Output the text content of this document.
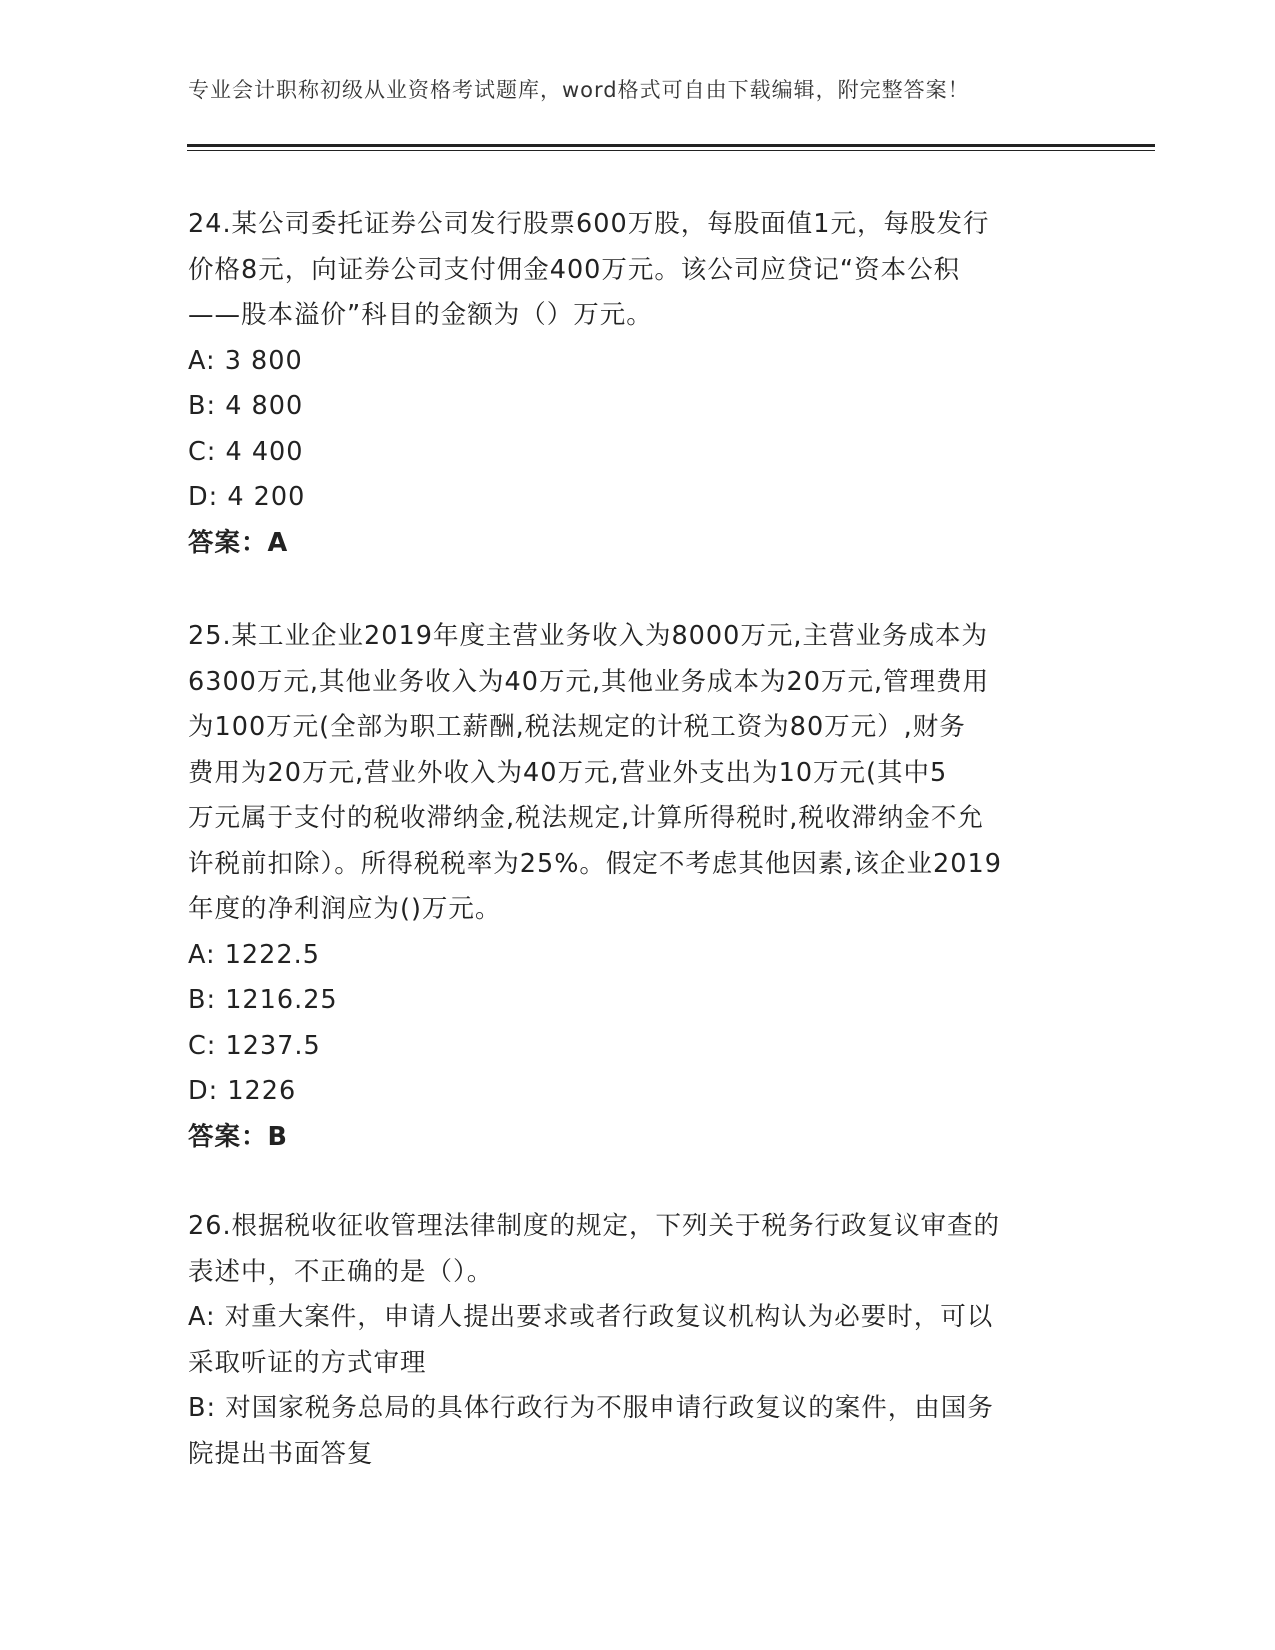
专业会计职称初级从业资格考试题库，word格式可自由下载编辑，附完整答案！
24.某公司委托证券公司发行股票600万股，每股面值1元，每股发行
价格8元，向证券公司支付佣金400万元。该公司应贷记“资本公积
——股本溢价”科目的金额为（）万元。
A: 3 800
B: 4 800
C: 4 400
D: 4 200
答案：A
25.某工业企业2019年度主营业务收入为8000万元,主营业务成本为
6300万元,其他业务收入为40万元,其他业务成本为20万元,管理费用
为100万元(全部为职工薪酬,税法规定的计税工资为80万元）,财务
费用为20万元,营业外收入为40万元,营业外支出为10万元(其中5
万元属于支付的税收滞纳金,税法规定,计算所得税时,税收滞纳金不允
许税前扣除）。所得税税率为25%。假定不考虑其他因素,该企业2019
年度的净利润应为()万元。
A: 1222.5
B: 1216.25
C: 1237.5
D: 1226
答案：B
26.根据税收征收管理法律制度的规定，下列关于税务行政复议审查的
表述中，不正确的是（）。
A: 对重大案件，申请人提出要求或者行政复议机构认为必要时，可以
采取听证的方式审理
B: 对国家税务总局的具体行政行为不服申请行政复议的案件，由国务
院提出书面答复
